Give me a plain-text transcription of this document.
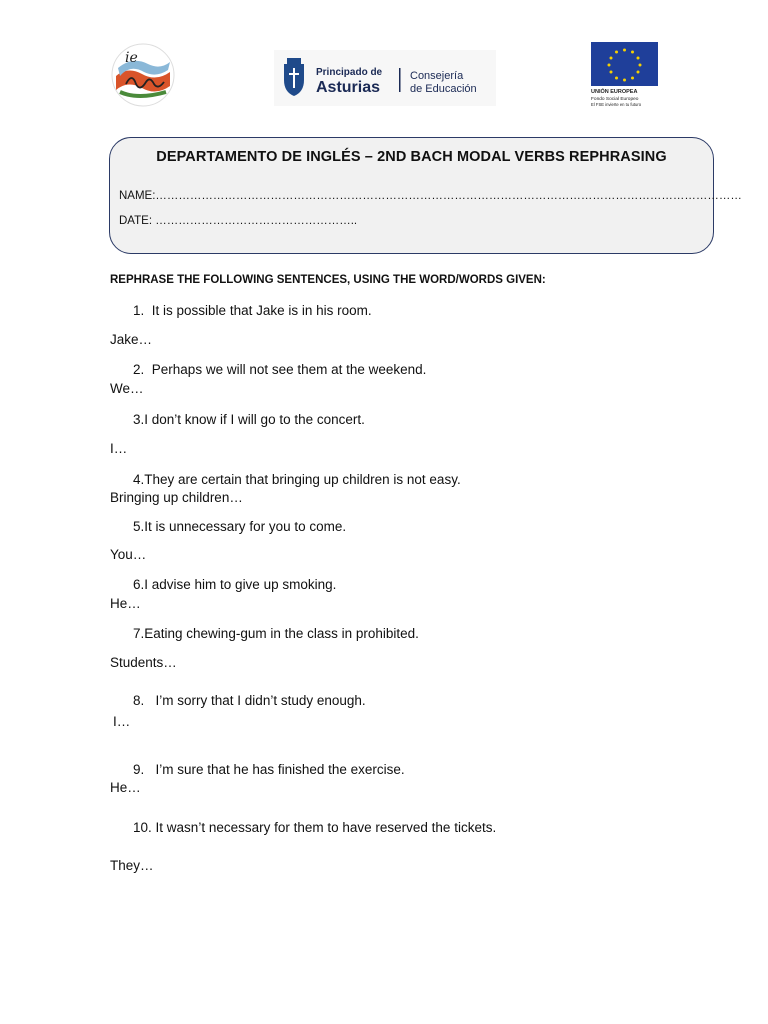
ie
Principado de
Asturias
Consejería
de Educación	UNIÓN EUROPEA
Fondo Social Europeo
El FSE invierte en tu futuro
DEPARTAMENTO DE INGLÉS – 2ND BACH MODAL VERBS REPHRASING
NAME:………………………………………………………………………………………………………………………………………
DATE: ……………………………………………..
REPHRASE THE FOLLOWING SENTENCES, USING THE WORD/WORDS GIVEN:
1. It is possible that Jake is in his room.
Jake…
2. Perhaps we will not see them at the weekend.
We…
3.I don’t know if I will go to the concert.
I…
4.They are certain that bringing up children is not easy.
Bringing up children…
5.It is unnecessary for you to come.
You…
6.I advise him to give up smoking.
He…
7.Eating chewing-gum in the class in prohibited.
Students…
8. I’m sorry that I didn’t study enough.
I…
9. I’m sure that he has finished the exercise.
He…
10. It wasn’t necessary for them to have reserved the tickets.
They…
